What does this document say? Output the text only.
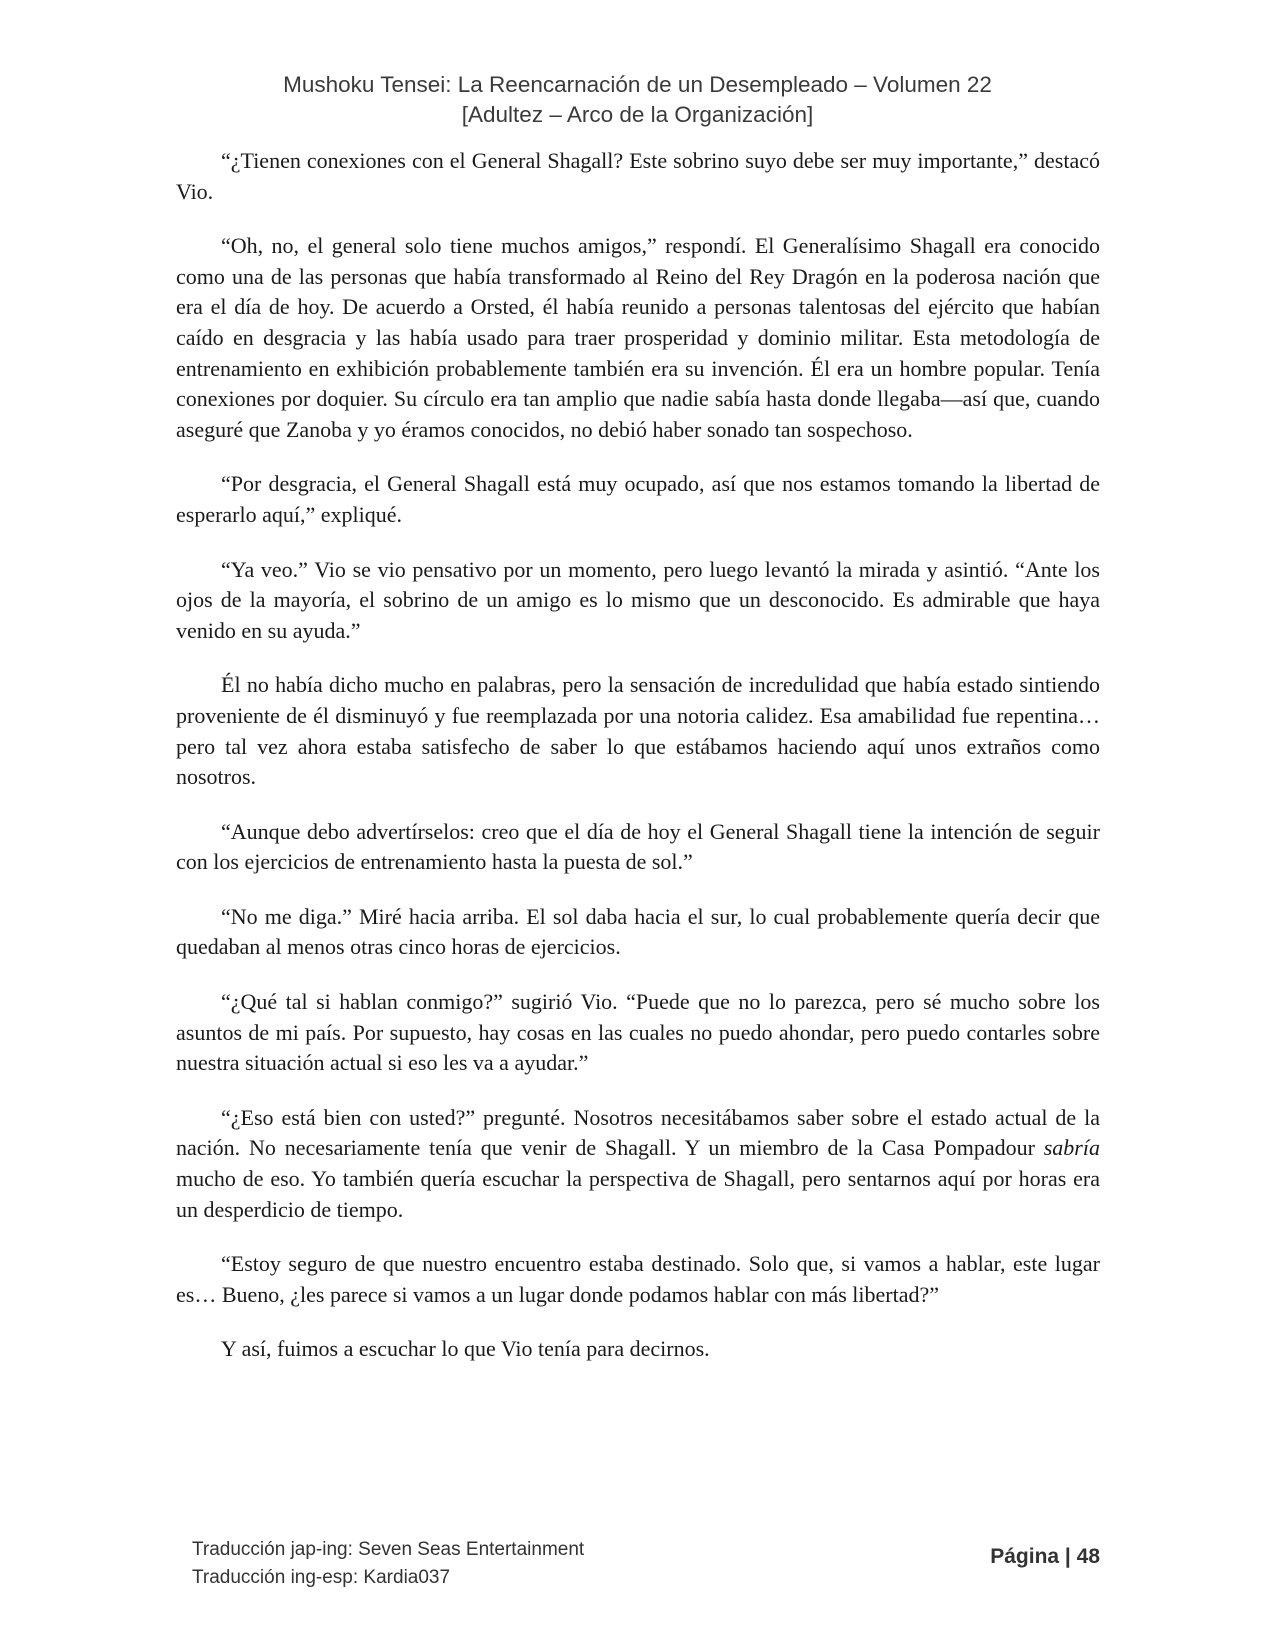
Mushoku Tensei: La Reencarnación de un Desempleado – Volumen 22
[Adultez – Arco de la Organización]

“¿Tienen conexiones con el General Shagall? Este sobrino suyo debe ser muy importante,” destacó Vio.

“Oh, no, el general solo tiene muchos amigos,” respondí. El Generalísimo Shagall era conocido como una de las personas que había transformado al Reino del Rey Dragón en la poderosa nación que era el día de hoy. De acuerdo a Orsted, él había reunido a personas talentosas del ejército que habían caído en desgracia y las había usado para traer prosperidad y dominio militar. Esta metodología de entrenamiento en exhibición probablemente también era su invención. Él era un hombre popular. Tenía conexiones por doquier. Su círculo era tan amplio que nadie sabía hasta donde llegaba—así que, cuando aseguré que Zanoba y yo éramos conocidos, no debió haber sonado tan sospechoso.

“Por desgracia, el General Shagall está muy ocupado, así que nos estamos tomando la libertad de esperarlo aquí,” expliqué.

“Ya veo.” Vio se vio pensativo por un momento, pero luego levantó la mirada y asintió. “Ante los ojos de la mayoría, el sobrino de un amigo es lo mismo que un desconocido. Es admirable que haya venido en su ayuda.”

Él no había dicho mucho en palabras, pero la sensación de incredulidad que había estado sintiendo proveniente de él disminuyó y fue reemplazada por una notoria calidez. Esa amabilidad fue repentina… pero tal vez ahora estaba satisfecho de saber lo que estábamos haciendo aquí unos extraños como nosotros.

“Aunque debo advertírselos: creo que el día de hoy el General Shagall tiene la intención de seguir con los ejercicios de entrenamiento hasta la puesta de sol.”

“No me diga.” Miré hacia arriba. El sol daba hacia el sur, lo cual probablemente quería decir que quedaban al menos otras cinco horas de ejercicios.

“¿Qué tal si hablan conmigo?” sugirió Vio. “Puede que no lo parezca, pero sé mucho sobre los asuntos de mi país. Por supuesto, hay cosas en las cuales no puedo ahondar, pero puedo contarles sobre nuestra situación actual si eso les va a ayudar.”

“¿Eso está bien con usted?” pregunté. Nosotros necesitábamos saber sobre el estado actual de la nación. No necesariamente tenía que venir de Shagall. Y un miembro de la Casa Pompadour sabría mucho de eso. Yo también quería escuchar la perspectiva de Shagall, pero sentarnos aquí por horas era un desperdicio de tiempo.

“Estoy seguro de que nuestro encuentro estaba destinado. Solo que, si vamos a hablar, este lugar es… Bueno, ¿les parece si vamos a un lugar donde podamos hablar con más libertad?”

Y así, fuimos a escuchar lo que Vio tenía para decirnos.

Traducción jap-ing: Seven Seas Entertainment
Traducción ing-esp: Kardia037
Página | 48
